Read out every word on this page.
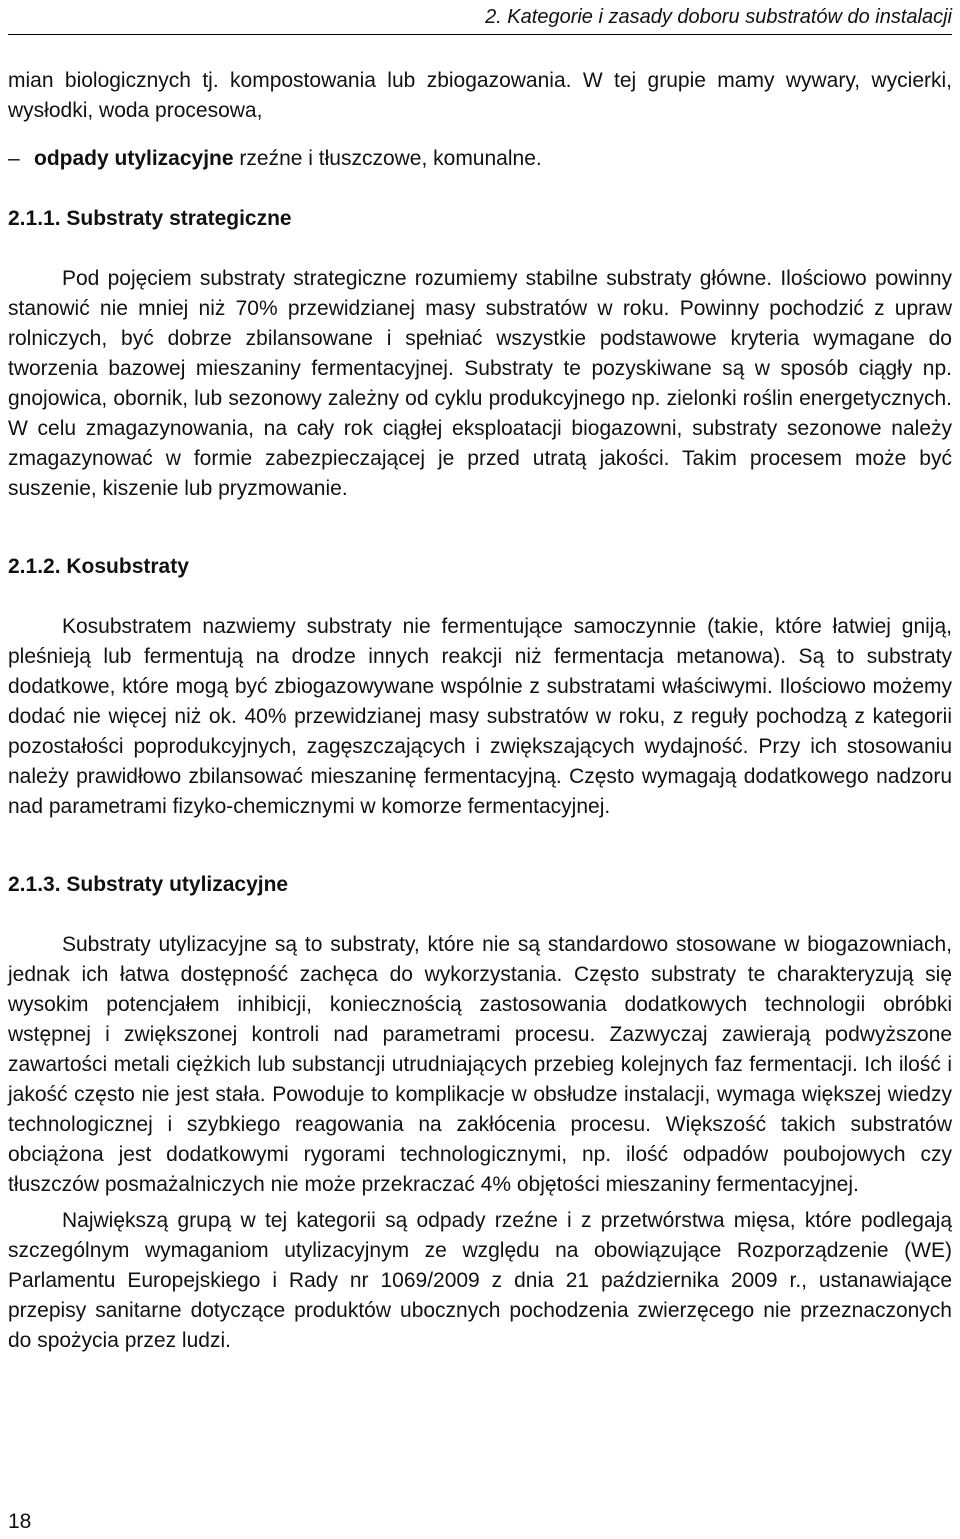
2. Kategorie i zasady doboru substratów do instalacji

mian biologicznych tj. kompostowania lub zbiogazowania. W tej grupie mamy wywary, wycierki, wysłodki, woda procesowa,

– odpady utylizacyjne rzeźne i tłuszczowe, komunalne.

2.1.1. Substraty strategiczne

Pod pojęciem substraty strategiczne rozumiemy stabilne substraty główne. Ilościowo powinny stanowić nie mniej niż 70% przewidzianej masy substratów w roku. Powinny pochodzić z upraw rolniczych, być dobrze zbilansowane i spełniać wszystkie podstawowe kryteria wymagane do tworzenia bazowej mieszaniny fermentacyjnej. Substraty te pozyskiwane są w sposób ciągły np. gnojowica, obornik, lub sezonowy zależny od cyklu produkcyjnego np. zielonki roślin energetycznych. W celu zmagazynowania, na cały rok ciągłej eksploatacji biogazowni, substraty sezonowe należy zmagazynować w formie zabezpieczającej je przed utratą jakości. Takim procesem może być suszenie, kiszenie lub pryzmowanie.

2.1.2. Kosubstraty

Kosubstratem nazwiemy substraty nie fermentujące samoczynnie (takie, które łatwiej gniją, pleśnieją lub fermentują na drodze innych reakcji niż fermentacja metanowa). Są to substraty dodatkowe, które mogą być zbiogazowywane wspólnie z substratami właściwymi. Ilościowo możemy dodać nie więcej niż ok. 40% przewidzianej masy substratów w roku, z reguły pochodzą z kategorii pozostałości poprodukcyjnych, zagęszczających i zwiększających wydajność. Przy ich stosowaniu należy prawidłowo zbilansować mieszaninę fermentacyjną. Często wymagają dodatkowego nadzoru nad parametrami fizyko-chemicznymi w komorze fermentacyjnej.

2.1.3. Substraty utylizacyjne

Substraty utylizacyjne są to substraty, które nie są standardowo stosowane w biogazowniach, jednak ich łatwa dostępność zachęca do wykorzystania. Często substraty te charakteryzują się wysokim potencjałem inhibicji, koniecznością zastosowania dodatkowych technologii obróbki wstępnej i zwiększonej kontroli nad parametrami procesu. Zazwyczaj zawierają podwyższone zawartości metali ciężkich lub substancji utrudniających przebieg kolejnych faz fermentacji. Ich ilość i jakość często nie jest stała. Powoduje to komplikacje w obsłudze instalacji, wymaga większej wiedzy technologicznej i szybkiego reagowania na zakłócenia procesu. Większość takich substratów obciążona jest dodatkowymi rygorami technologicznymi, np. ilość odpadów poubojowych czy tłuszczów posmażalniczych nie może przekraczać 4% objętości mieszaniny fermentacyjnej.

Największą grupą w tej kategorii są odpady rzeźne i z przetwórstwa mięsa, które podlegają szczególnym wymaganiom utylizacyjnym ze względu na obowiązujące Rozporządzenie (WE) Parlamentu Europejskiego i Rady nr 1069/2009 z dnia 21 października 2009 r., ustanawiające przepisy sanitarne dotyczące produktów ubocznych pochodzenia zwierzęcego nie przeznaczonych do spożycia przez ludzi.

18
